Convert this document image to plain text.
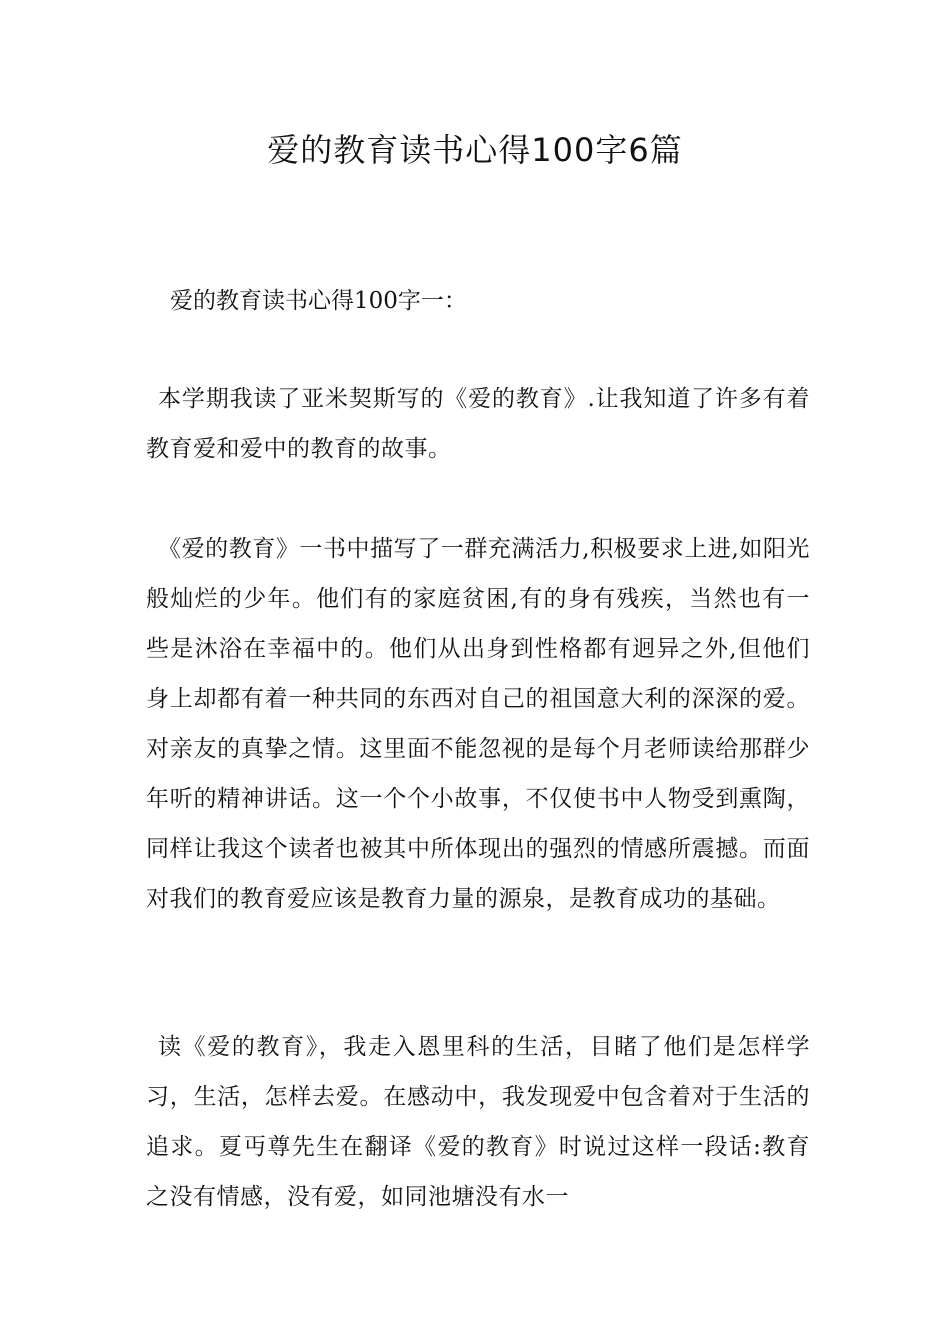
爱的教育读书心得100字6篇

爱的教育读书心得100字一：

本学期我读了亚米契斯写的《爱的教育》.让我知道了许多有着教育爱和爱中的教育的故事。

《爱的教育》一书中描写了一群充满活力,积极要求上进,如阳光般灿烂的少年。他们有的家庭贫困,有的身有残疾，当然也有一些是沐浴在幸福中的。他们从出身到性格都有迥异之外,但他们身上却都有着一种共同的东西对自己的祖国意大利的深深的爱。对亲友的真挚之情。这里面不能忽视的是每个月老师读给那群少年听的精神讲话。这一个个小故事，不仅使书中人物受到熏陶，同样让我这个读者也被其中所体现出的强烈的情感所震撼。而面对我们的教育爱应该是教育力量的源泉，是教育成功的基础。

读《爱的教育》，我走入恩里科的生活，目睹了他们是怎样学习，生活，怎样去爱。在感动中，我发现爱中包含着对于生活的追求。夏丏尊先生在翻译《爱的教育》时说过这样一段话:教育之没有情感，没有爱，如同池塘没有水一
